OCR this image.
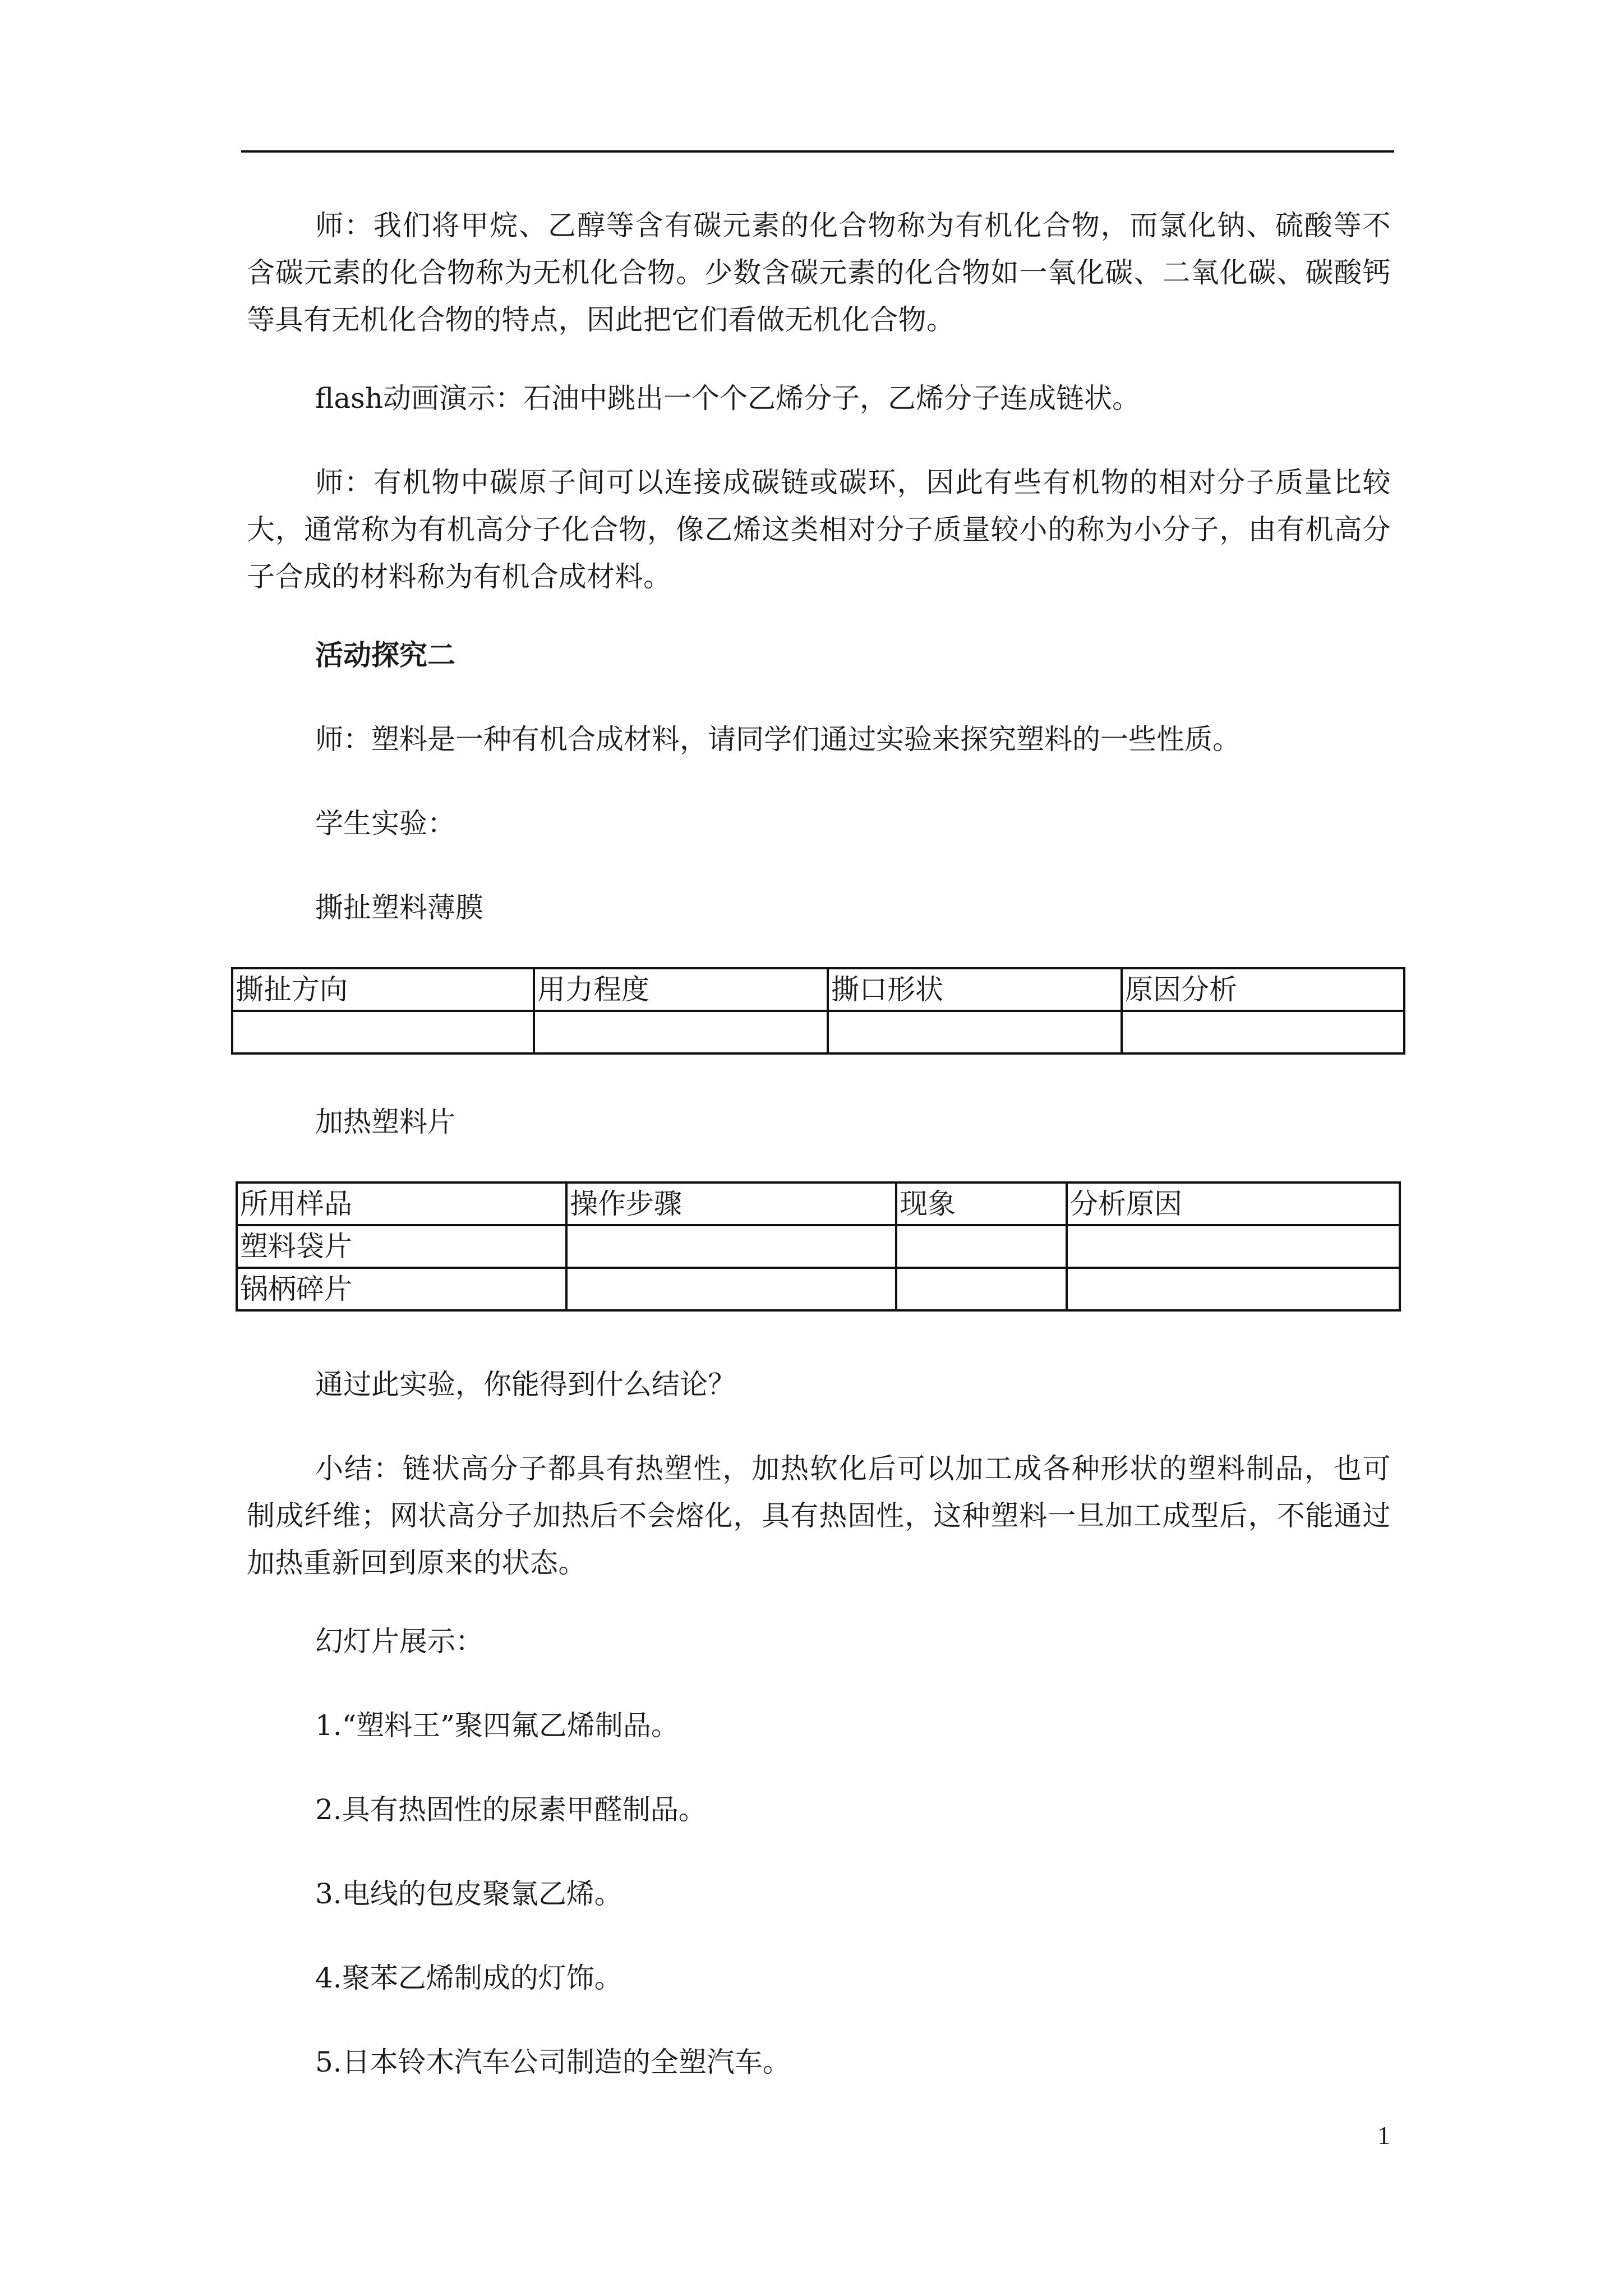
师：我们将甲烷、乙醇等含有碳元素的化合物称为有机化合物，而氯化钠、硫酸等不含碳元素的化合物称为无机化合物。少数含碳元素的化合物如一氧化碳、二氧化碳、碳酸钙等具有无机化合物的特点，因此把它们看做无机化合物。

flash动画演示：石油中跳出一个个乙烯分子，乙烯分子连成链状。

师：有机物中碳原子间可以连接成碳链或碳环，因此有些有机物的相对分子质量比较大，通常称为有机高分子化合物，像乙烯这类相对分子质量较小的称为小分子，由有机高分子合成的材料称为有机合成材料。

活动探究二

师：塑料是一种有机合成材料，请同学们通过实验来探究塑料的一些性质。

学生实验：

撕扯塑料薄膜

撕扯方向	用力程度	撕口形状	原因分析

加热塑料片

所用样品	操作步骤	现象	分析原因
塑料袋片			
锅柄碎片			

通过此实验，你能得到什么结论？

小结：链状高分子都具有热塑性，加热软化后可以加工成各种形状的塑料制品，也可制成纤维；网状高分子加热后不会熔化，具有热固性，这种塑料一旦加工成型后，不能通过加热重新回到原来的状态。

幻灯片展示：

1.“塑料王”聚四氟乙烯制品。

2.具有热固性的尿素甲醛制品。

3.电线的包皮聚氯乙烯。

4.聚苯乙烯制成的灯饰。

5.日本铃木汽车公司制造的全塑汽车。

1
